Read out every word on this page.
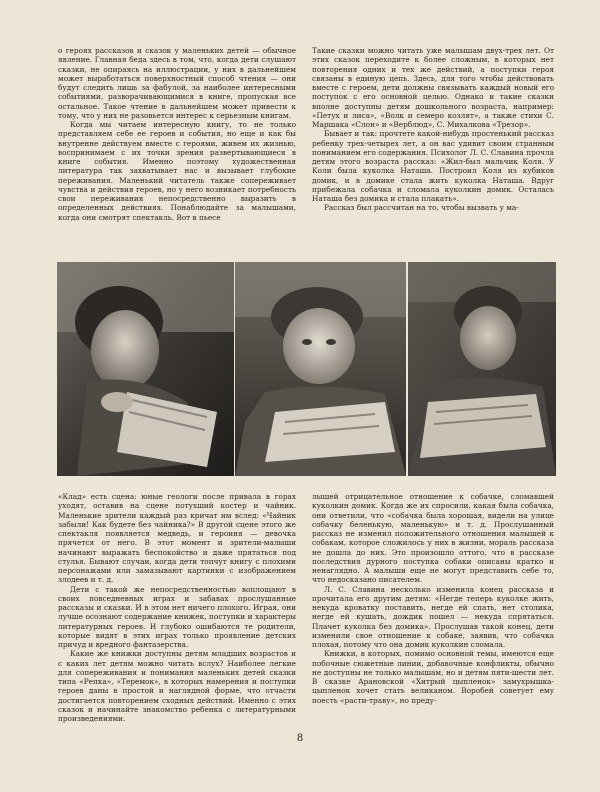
о героях рассказов и сказок у маленьких детей — обычное явление. Главная беда здесь в том, что, когда дети слушают сказки, не опираясь на иллюстрации, у них в дальнейшем может выработаться поверхностный способ чтения — они будут следить лишь за фабулой, за наиболее интересными событиями, разворачивающимися в книге, пропуская все остальное. Такое чтение в дальнейшем может привести к тому, что у них не разовьется интерес к серьезным книгам.

Когда мы читаем интересную книгу, то не только представляем себе ее героев и события, но еще и как бы внутренне действуем вместе с героями, живем их жизнью, воспринимаем с их точки зрения развертывающиеся в книге события. Именно поэтому художественная литература так захватывает нас и вызывает глубокие переживания. Маленький читатель также сопереживает чувства и действия героев, но у него возникает потребность свои переживания непосредственно выразить в определенных действиях. Понаблюдайте за малышами, когда они смотрят спектакль. Вот в пьесе

Такие сказки можно читать уже малышам двух-трех лет. От этих сказок переходите к более сложным, в которых нет повторения одних и тех же действий, а поступки героя связаны в единую цепь. Здесь, для того чтобы действовать вместе с героем, дети должны связывать каждый новый его поступок с его основной целью. Однако и такие сказки вполне доступны детям дошкольного возраста, например: «Петух и лиса», «Волк и семеро козлят», а также стихи С. Маршака «Слон» и «Верблюд», С. Михалкова «Трезор».

Бывает и так: прочтете какой-нибудь простенький рассказ ребенку трех-четырех лет, а он вас удивит своим странным пониманием его содержания. Психолог Л. С. Славина прочла детям этого возраста рассказ: «Жил-был мальчик Коля. У Коли была куколка Наташа. Построил Коля из кубиков домик, и в домике стала жить куколка Наташа. Вдруг прибежала собачка и сломала куколкин домик. Осталась Наташа без домика и стала плакать».

Рассказ был рассчитан на то, чтобы вызвать у ма-

«Клад» есть сцена: юные геологи после привала в горах уходят, оставив на сцене потухший костер и чайник. Маленькие зрители каждый раз кричат им вслед: «Чайник забыли! Как будете без чайника?» В другой сцене этого же спектакля появляется медведь, и героиня — девочка прячется от него. В этот момент и зрители-малыши начинают выражать беспокойство и даже прятаться под стулья. Бывают случаи, когда дети топчут книгу с плохими персонажами или замазывают картинки с изображением злодеев и т. д.

Дети с такой же непосредственностью воплощают в своих повседневных играх и забавах прослушанные рассказы и сказки. И в этом нет ничего плохого. Играя, они лучше осознают содержание книжек, поступки и характеры литературных героев. И глубоко ошибаются те родители, которые видят в этих играх только проявление детских причуд и вредного фантазерства.

Какие же книжки доступны детям младших возрастов и с каких лет детям можно читать вслух? Наиболее легкие для сопереживания и понимания маленьких детей сказки типа «Репка», «Теремок», в которых намерения и поступки героев даны в простой и наглядной форме, что отчасти достигается повторением сходных действий. Именно с этих сказок и начинайте знакомство ребенка с литературными произведениями.

лышей отрицательное отношение к собачке, сломавшей куколкин домик. Когда же их спросили, какая была собачка, они ответили, что «собачка была хорошая, видели на улице собачку беленькую, маленькую» и т. д. Прослушанный рассказ не изменил положительного отношения малышей к собакам, которое сложилось у них в жизни, мораль рассказа не дошла до них. Это произошло оттого, что в рассказе последствия дурного поступка собаки описаны кратко и ненаглядно. А малыши еще не могут представить себе то, что недосказано писателем.

Л. С. Славина несколько изменила конец рассказа и прочитала его другим детям: «Негде теперь куколке жить, некуда кроватку поставить, негде ей спать, нет столика, негде ей кушать, дождик пошел — некуда спрятаться. Плачет куколка без домика». Прослушав такой конец, дети изменили свое отношение к собаке, заявив, что собачка плохая, потому что она домик куколкин сломала.

Книжки, в которых, помимо основной темы, имеются еще побочные сюжетные линии, добавочные конфликты, обычно не доступны не только малышам, но и детям пяти-шести лет. В сказке Арановской «Хитрый цыпленок» замухрышка-цыпленок хочет стать великаном. Воробей советует ему поесть «расти-траву», но преду-

8
